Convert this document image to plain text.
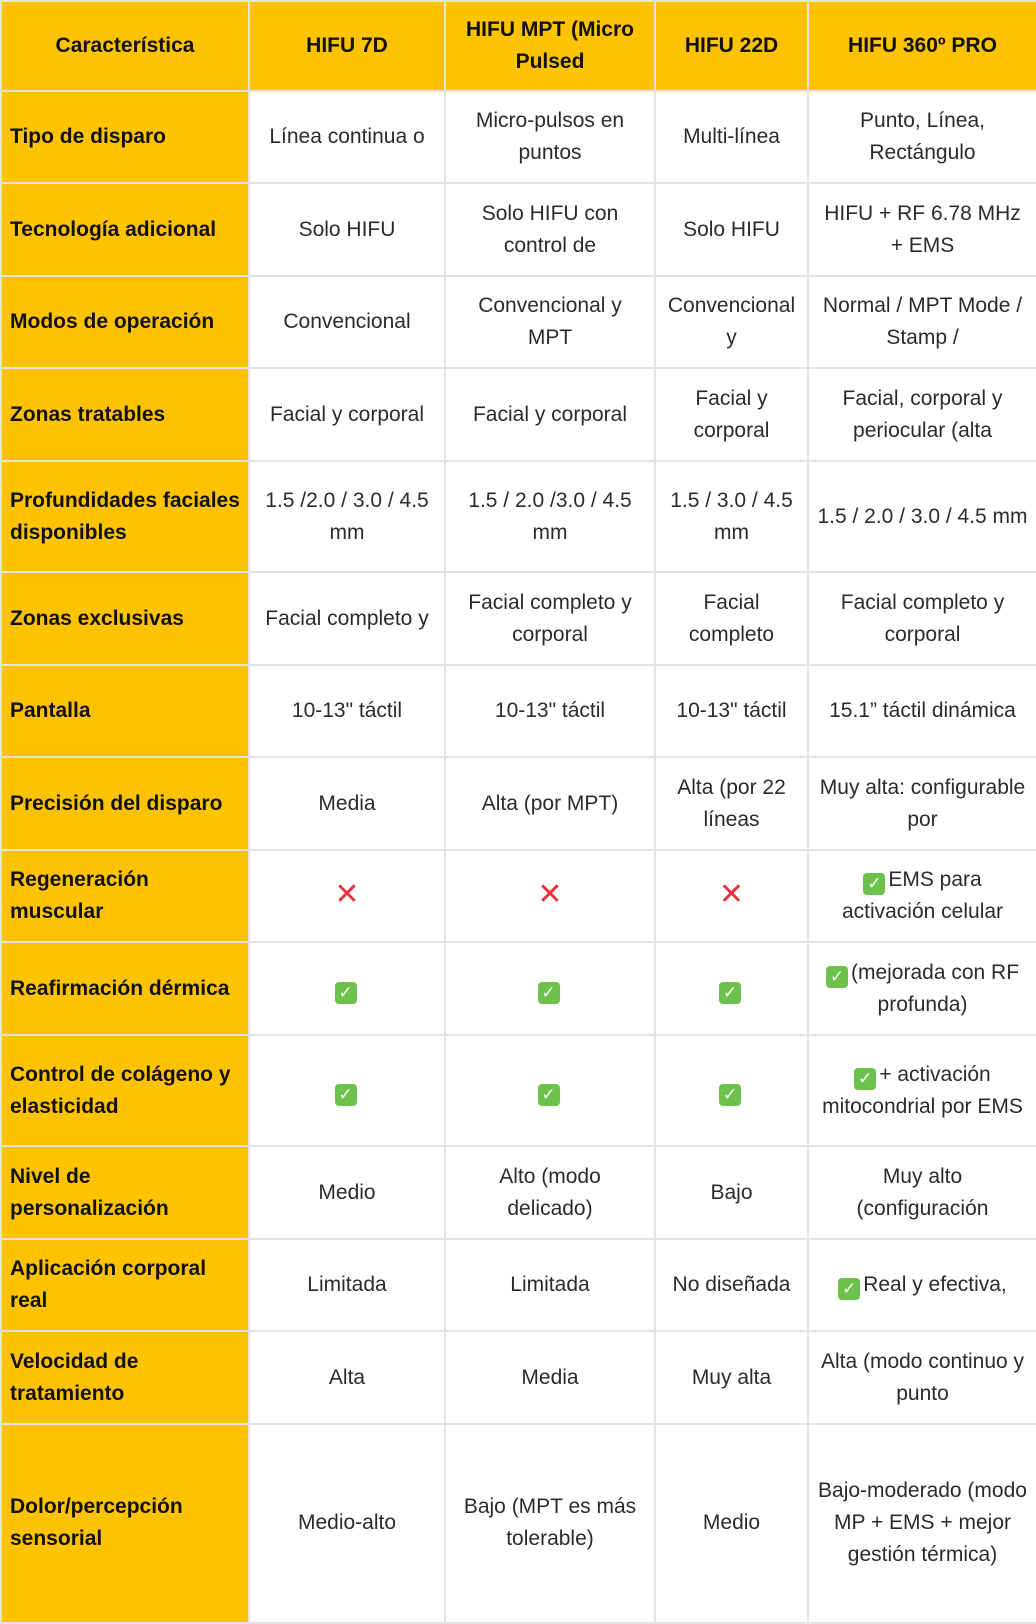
Característica	HIFU 7D	HIFU MPT (Micro Pulsed	HIFU 22D	HIFU 360º PRO
Tipo de disparo	Línea continua o	Micro-pulsos en puntos	Multi-línea	Punto, Línea, Rectángulo

Tecnología adicional	Solo HIFU	Solo HIFU con control de	Solo HIFU	HIFU + RF 6.78 MHz + EMS

Modos de operación	Convencional	Convencional y MPT	Convencional y	Normal / MPT Mode / Stamp /

Zonas tratables	Facial y corporal	Facial y corporal	Facial y corporal	Facial, corporal y periocular (alta

Profundidades faciales disponibles	1.5 /2.0 / 3.0 / 4.5 mm	1.5 / 2.0 /3.0 / 4.5 mm	1.5 / 3.0 / 4.5 mm	1.5 / 2.0 / 3.0 / 4.5 mm

Zonas exclusivas	Facial completo y	Facial completo y corporal	Facial completo	Facial completo y corporal

Pantalla	10-13" táctil	10-13" táctil	10-13" táctil	15.1” táctil dinámica

Precisión del disparo	Media	Alta (por MPT)	Alta (por 22 líneas	Muy alta: configurable por

Regeneración muscular	✕	✕	✕	✓ EMS para activación celular

Reafirmación dérmica	✓	✓	✓	✓ (mejorada con RF profunda)

Control de colágeno y elasticidad	✓	✓	✓	✓ + activación mitocondrial por EMS

Nivel de personalización	Medio	Alto (modo delicado)	Bajo	Muy alto (configuración

Aplicación corporal real	Limitada	Limitada	No diseñada	✓ Real y efectiva,

Velocidad de tratamiento	Alta	Media	Muy alta	Alta (modo continuo y punto

Dolor/percepción sensorial	Medio-alto	Bajo (MPT es más tolerable)	Medio	Bajo-moderado (modo MP + EMS + mejor gestión térmica)
